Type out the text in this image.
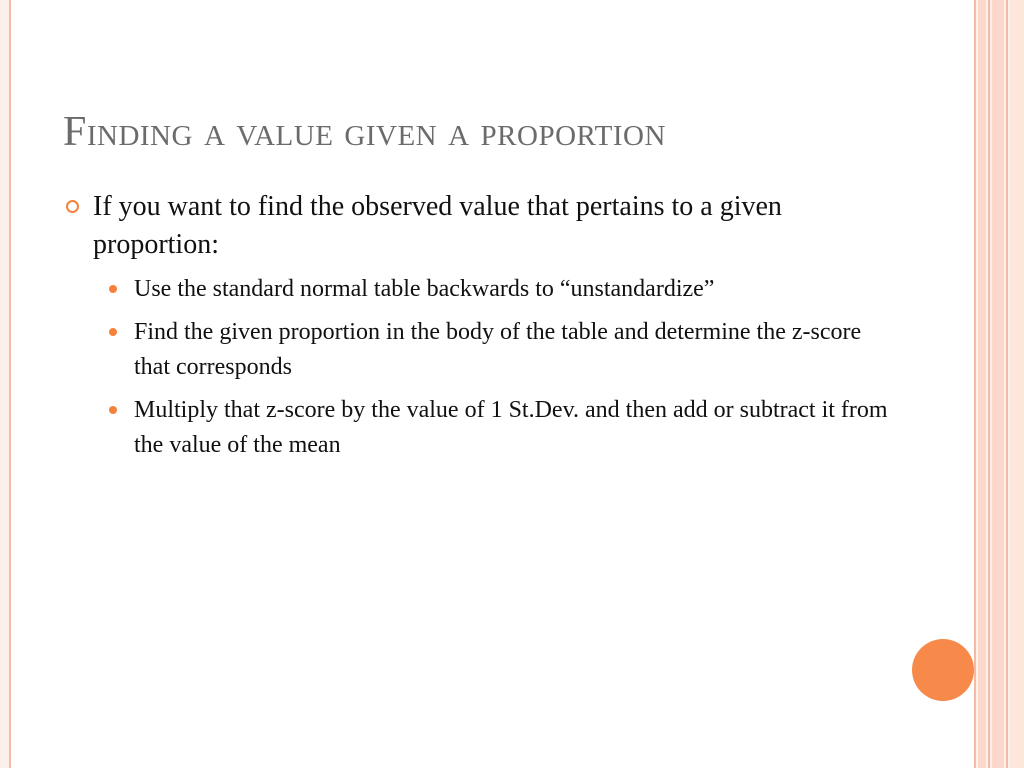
Finding a value given a proportion
If you want to find the observed value that pertains to a given proportion:
Use the standard normal table backwards to “unstandardize”
Find the given proportion in the body of the table and determine the z-score that corresponds
Multiply that z-score by the value of 1 St.Dev. and then add or subtract it from the value of the mean
